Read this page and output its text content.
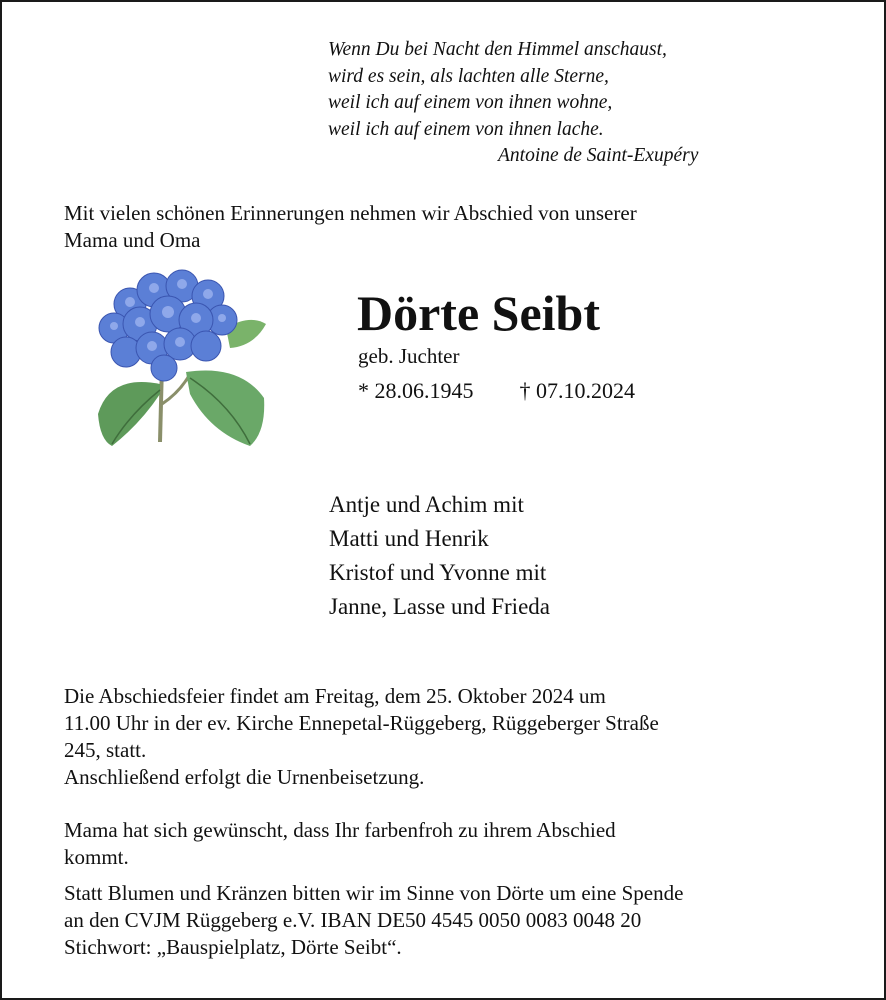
Wenn Du bei Nacht den Himmel anschaust,
wird es sein, als lachten alle Sterne,
weil ich auf einem von ihnen wohne,
weil ich auf einem von ihnen lache.
Antoine de Saint-Exupéry
Mit vielen schönen Erinnerungen nehmen wir Abschied von unserer
Mama und Oma
Dörte Seibt
geb. Juchter
* 28.06.1945 † 07.10.2024
Antje und Achim mit
Matti und Henrik
Kristof und Yvonne mit
Janne, Lasse und Frieda
Die Abschiedsfeier findet am Freitag, dem 25. Oktober 2024 um
11.00 Uhr in der ev. Kirche Ennepetal-Rüggeberg, Rüggeberger Straße
245, statt.
Anschließend erfolgt die Urnenbeisetzung.
Mama hat sich gewünscht, dass Ihr farbenfroh zu ihrem Abschied
kommt.
Statt Blumen und Kränzen bitten wir im Sinne von Dörte um eine Spende
an den CVJM Rüggeberg e.V. IBAN DE50 4545 0050 0083 0048 20
Stichwort: „Bauspielplatz, Dörte Seibt“.
